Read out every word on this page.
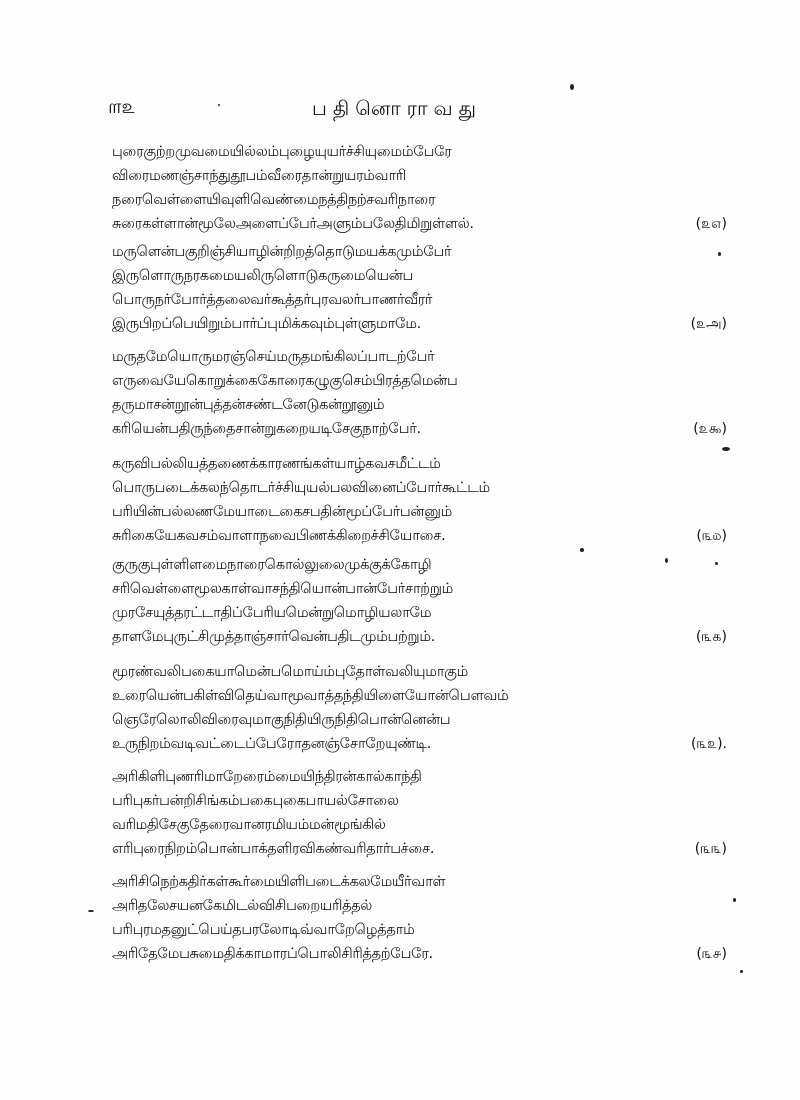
௱௨	பதினொராவது
புரைகுற்றமுவமையில்லம்புழையுயர்ச்சியுமைம்பேரே
விரைமணஞ்சாந்துதூபம்வீரைதான்றுயரம்வாரி
நரைவெள்ளையிவுளிவெண்மைநத்திநற்சவரிநாரை
சுரைகள்ளான்மூலேஅளைப்பேர்அளும்பலேதிமிறுள்ளல்.	(௨௭)
மருளென்பகுறிஞ்சியாழின்றிறத்தொடுமயக்கமும்பேர்
இருளொருநரகமையலிருளொடுகருமையென்ப
பொருநர்போர்த்தலைவர்கூத்தர்புரவலர்பாணர்வீரர்
இருபிறப்பெயிறும்பார்ப்புமிக்கவும்புள்ளுமாமே.	(௨அ)
மருதமேயொருமரஞ்செய்மருதமங்கிலப்பாடற்பேர்
எருவையேகொறுக்கைகோரைகழுகுசெம்பிரத்தமென்ப
தருமாசன்றூன்புத்தன்சண்டனேடுகன்றூனும்
கரியென்பதிருந்தைசான்றுகறையடிசேகுநாற்பேர்.	(௨௯)
கருவிபல்லியத்தணைக்காரணங்கள்யாழ்கவசமீட்டம்
பொருபடைக்கலந்தொடர்ச்சியுயல்பலவினைப்போர்கூட்டம்
பரியின்பல்லணமேயாடைகைசபதின்மூப்பேர்பன்னும்
சுரிகையேகவசம்வாளாநவைபிணக்கிறைச்சியோசை.	(௩௰)
குருகுபுள்ளிளமைநாரைகொல்லுலைமுக்குக்கோழி
சரிவெள்ளைமூலகாள்வாசந்தியொன்பான்பேர்சாற்றும்
முரசேயுத்தரட்டாதிப்பேரியமென்றுமொழியலாமே
தாளமேபுருட்சிமுத்தாஞ்சார்வென்பதிடமும்பற்றும்.	(௩௧)
மூரண்வலிபகையாமென்பமொய்ம்புதோள்வலியுமாகும்
உரையென்பகிள்விதெய்வாமூவாத்தந்தியிளையோன்பௌவம்
ஞெரேலொலிவிரைவுமாகுநிதியிருநிதிபொன்னென்ப
உருநிறம்வடிவட்டைப்பேரோதனஞ்சோறேயுண்டி.	(௩௨).
அரிகிளிபுணரிமாறேரைம்மையிந்திரன்கால்காந்தி
பரிபுகர்பன்றிசிங்கம்பகைபுகைபாயல்சோலை
வரிமதிசேகுதேரைவானரமியம்மன்மூங்கில்
எரிபுரைநிறம்பொன்பாக்தளிரவிகண்வரிதார்பச்சை.	(௩௩)
அரிசிநெற்கதிர்கள்கூர்மையிளிபடைக்கலமேயீர்வாள்
அரிதலேசயனகேமிடல்விசிபறையரித்தல்
பரிபுரமதனுட்பெய்தபரலோடிவ்வாறேழெத்தாம்
அரிதேமேபசுமைதிக்காமாரப்பொலிசிரித்தற்பேரே.	(௩௪)
